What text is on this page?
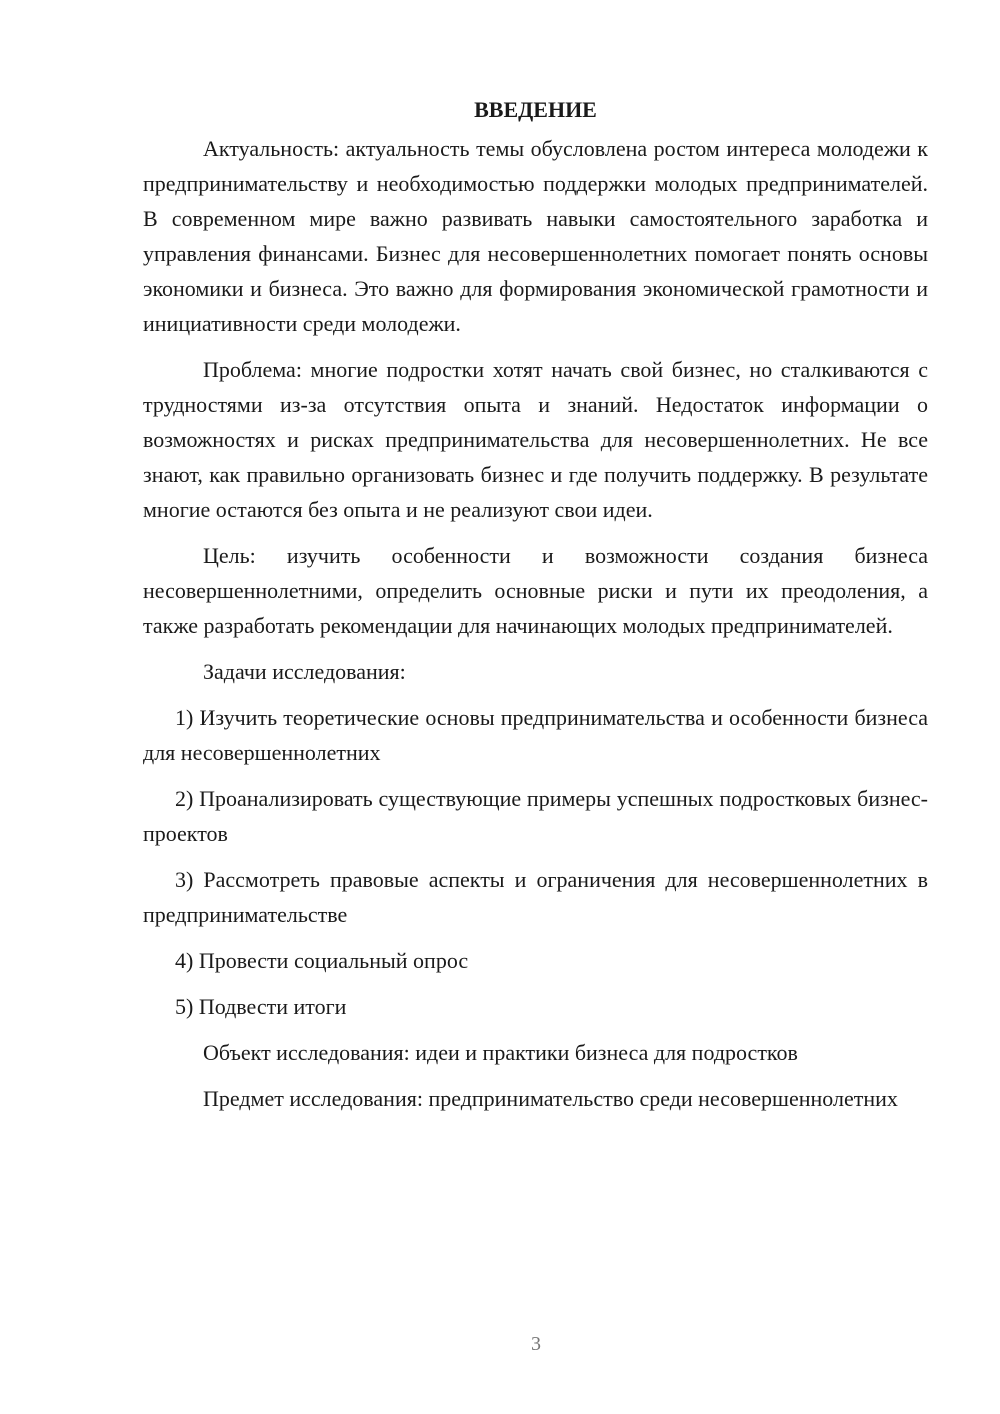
ВВЕДЕНИЕ

Актуальность: актуальность темы обусловлена ростом интереса молодежи к предпринимательству и необходимостью поддержки молодых предпринимателей. В современном мире важно развивать навыки самостоятельного заработка и управления финансами. Бизнес для несовершеннолетних помогает понять основы экономики и бизнеса. Это важно для формирования экономической грамотности и инициативности среди молодежи.

Проблема: многие подростки хотят начать свой бизнес, но сталкиваются с трудностями из-за отсутствия опыта и знаний. Недостаток информации о возможностях и рисках предпринимательства для несовершеннолетних. Не все знают, как правильно организовать бизнес и где получить поддержку. В результате многие остаются без опыта и не реализуют свои идеи.

Цель: изучить особенности и возможности создания бизнеса несовершеннолетними, определить основные риски и пути их преодоления, а также разработать рекомендации для начинающих молодых предпринимателей.

Задачи исследования:

1) Изучить теоретические основы предпринимательства и особенности бизнеса для несовершеннолетних

2) Проанализировать существующие примеры успешных подростковых бизнес-проектов

3) Рассмотреть правовые аспекты и ограничения для несовершеннолетних в предпринимательстве

4) Провести социальный опрос

5) Подвести итоги

Объект исследования: идеи и практики бизнеса для подростков

Предмет исследования: предпринимательство среди несовершеннолетних

3
